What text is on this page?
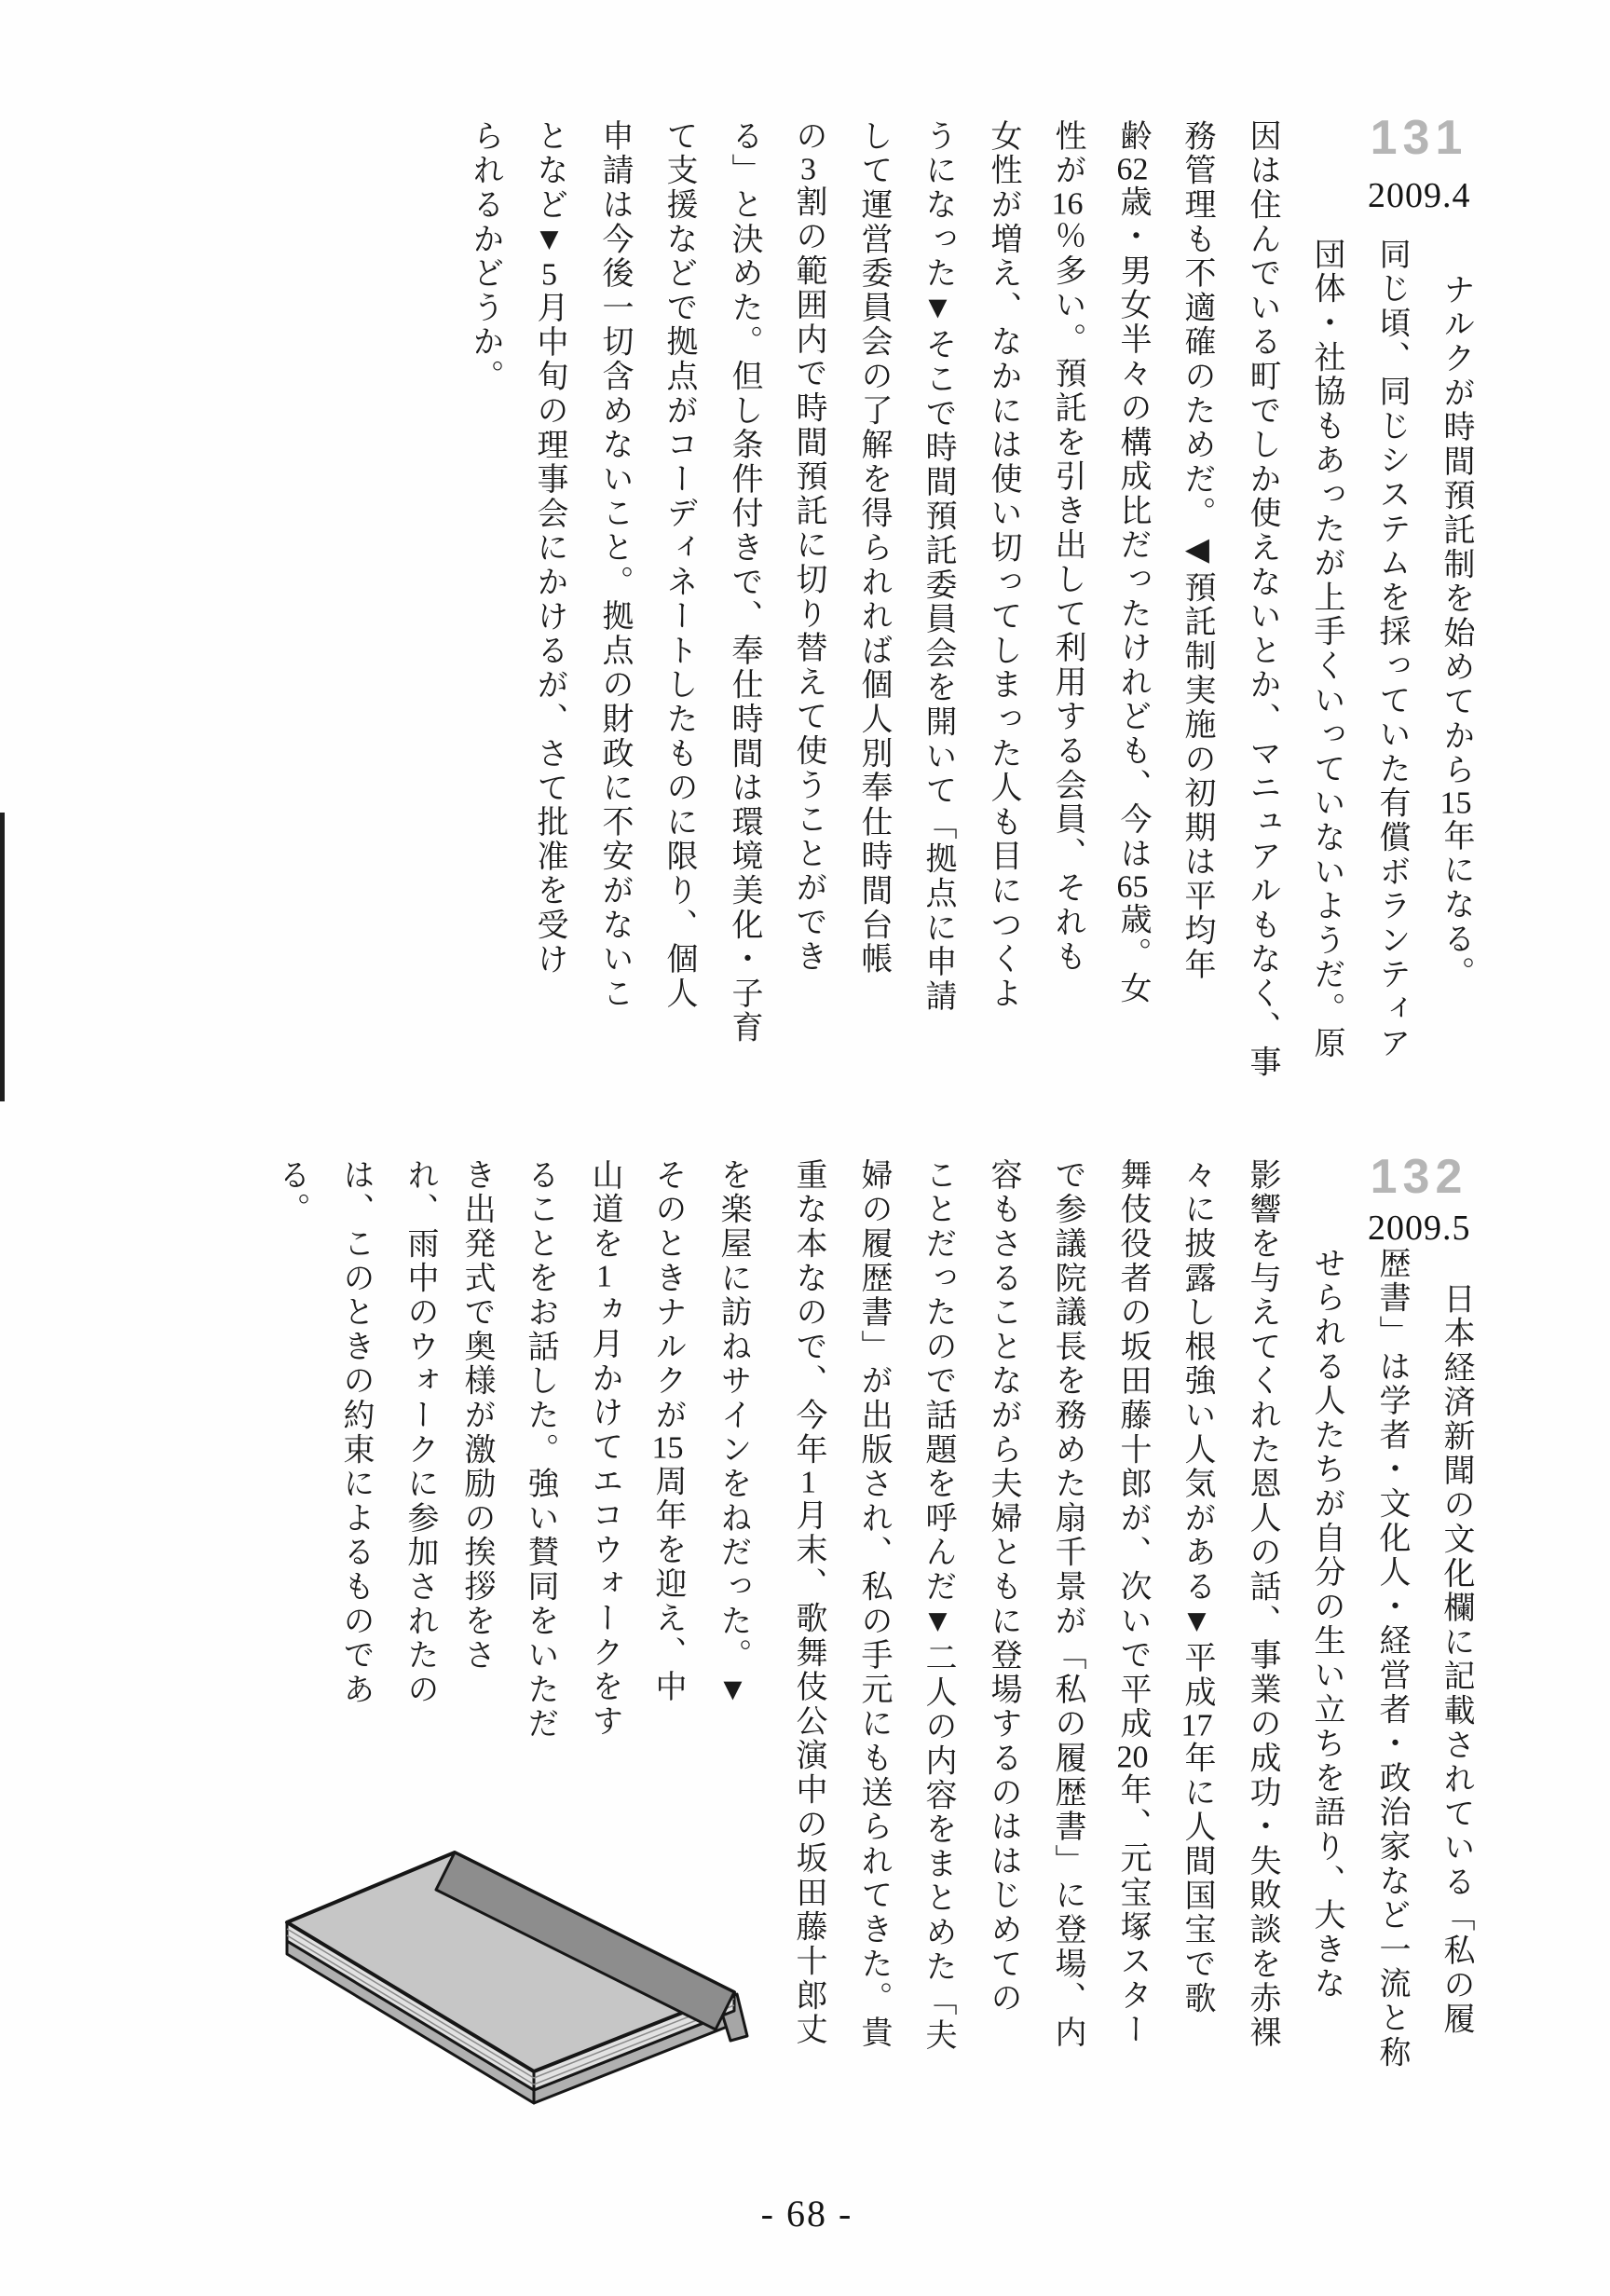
131
2009.4
ナルクが時間預託制を始めてから15年になる。
同じ頃、同じシステムを採っていた有償ボランティア
団体・社協もあったが上手くいっていないようだ。原
因は住んでいる町でしか使えないとか、マニュアルもなく、事
務管理も不適確のためだ。◀預託制実施の初期は平均年
齢62歳・男女半々の構成比だったけれども、今は65歳。女
性が16％多い。預託を引き出して利用する会員、それも
女性が増え、なかには使い切ってしまった人も目につくよ
うになった▼そこで時間預託委員会を開いて「拠点に申請
して運営委員会の了解を得られれば個人別奉仕時間台帳
の3割の範囲内で時間預託に切り替えて使うことができ
る」と決めた。但し条件付きで、奉仕時間は環境美化・子育
て支援などで拠点がコーディネートしたものに限り、個人
申請は今後一切含めないこと。拠点の財政に不安がないこ
となど▼5月中旬の理事会にかけるが、さて批准を受け
られるかどうか。
132
2009.5
日本経済新聞の文化欄に記載されている「私の履
歴書」は学者・文化人・経営者・政治家など一流と称
せられる人たちが自分の生い立ちを語り、大きな
影響を与えてくれた恩人の話、事業の成功・失敗談を赤裸
々に披露し根強い人気がある▼平成17年に人間国宝で歌
舞伎役者の坂田藤十郎が、次いで平成20年、元宝塚スター
で参議院議長を務めた扇千景が「私の履歴書」に登場、内
容もさることながら夫婦ともに登場するのははじめての
ことだったので話題を呼んだ▼二人の内容をまとめた「夫
婦の履歴書」が出版され、私の手元にも送られてきた。貴
重な本なので、今年1月末、歌舞伎公演中の坂田藤十郎丈
を楽屋に訪ねサインをねだった。▼
そのときナルクが15周年を迎え、中
山道を1ヵ月かけてエコウォークをす
ることをお話した。強い賛同をいただ
き出発式で奥様が激励の挨拶をさ
れ、雨中のウォークに参加されたの
は、このときの約束によるものであ
る。
- 68 -
